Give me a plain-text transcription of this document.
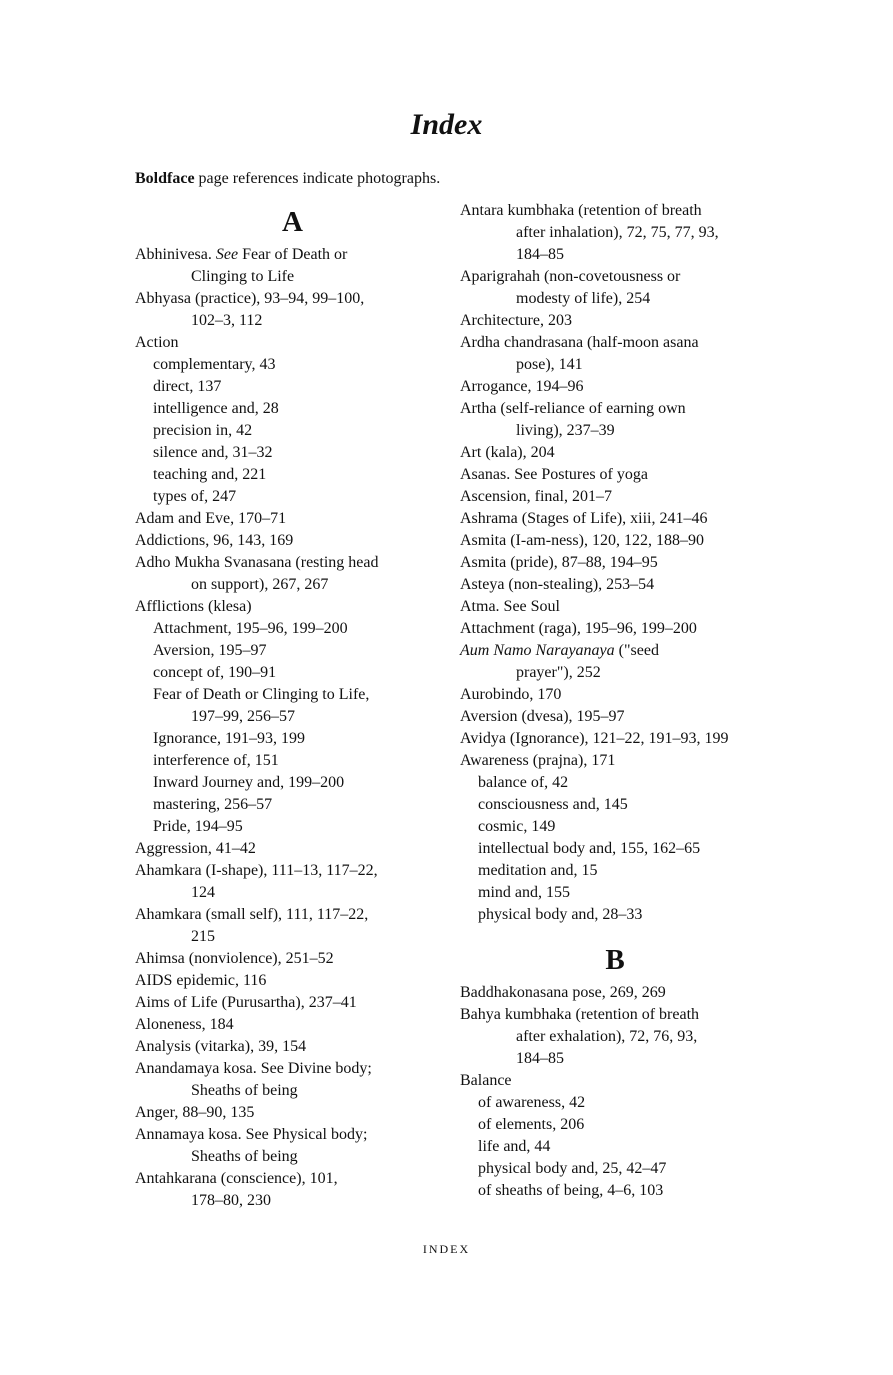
Index
Boldface page references indicate photographs.
A
Abhinivesa. See Fear of Death or
Clinging to Life
Abhyasa (practice), 93–94, 99–100,
102–3, 112
Action
complementary, 43
direct, 137
intelligence and, 28
precision in, 42
silence and, 31–32
teaching and, 221
types of, 247
Adam and Eve, 170–71
Addictions, 96, 143, 169
Adho Mukha Svanasana (resting head
on support), 267, 267
Afflictions (klesa)
Attachment, 195–96, 199–200
Aversion, 195–97
concept of, 190–91
Fear of Death or Clinging to Life,
197–99, 256–57
Ignorance, 191–93, 199
interference of, 151
Inward Journey and, 199–200
mastering, 256–57
Pride, 194–95
Aggression, 41–42
Ahamkara (I-shape), 111–13, 117–22,
124
Ahamkara (small self), 111, 117–22,
215
Ahimsa (nonviolence), 251–52
AIDS epidemic, 116
Aims of Life (Purusartha), 237–41
Aloneness, 184
Analysis (vitarka), 39, 154
Anandamaya kosa. See Divine body;
Sheaths of being
Anger, 88–90, 135
Annamaya kosa. See Physical body;
Sheaths of being
Antahkarana (conscience), 101,
178–80, 230
Antara kumbhaka (retention of breath
after inhalation), 72, 75, 77, 93,
184–85
Aparigrahah (non-covetousness or
modesty of life), 254
Architecture, 203
Ardha chandrasana (half-moon asana
pose), 141
Arrogance, 194–96
Artha (self-reliance of earning own
living), 237–39
Art (kala), 204
Asanas. See Postures of yoga
Ascension, final, 201–7
Ashrama (Stages of Life), xiii, 241–46
Asmita (I-am-ness), 120, 122, 188–90
Asmita (pride), 87–88, 194–95
Asteya (non-stealing), 253–54
Atma. See Soul
Attachment (raga), 195–96, 199–200
Aum Namo Narayanaya ("seed
prayer"), 252
Aurobindo, 170
Aversion (dvesa), 195–97
Avidya (Ignorance), 121–22, 191–93, 199
Awareness (prajna), 171
balance of, 42
consciousness and, 145
cosmic, 149
intellectual body and, 155, 162–65
meditation and, 15
mind and, 155
physical body and, 28–33
B
Baddhakonasana pose, 269, 269
Bahya kumbhaka (retention of breath
after exhalation), 72, 76, 93,
184–85
Balance
of awareness, 42
of elements, 206
life and, 44
physical body and, 25, 42–47
of sheaths of being, 4–6, 103
INDEX
